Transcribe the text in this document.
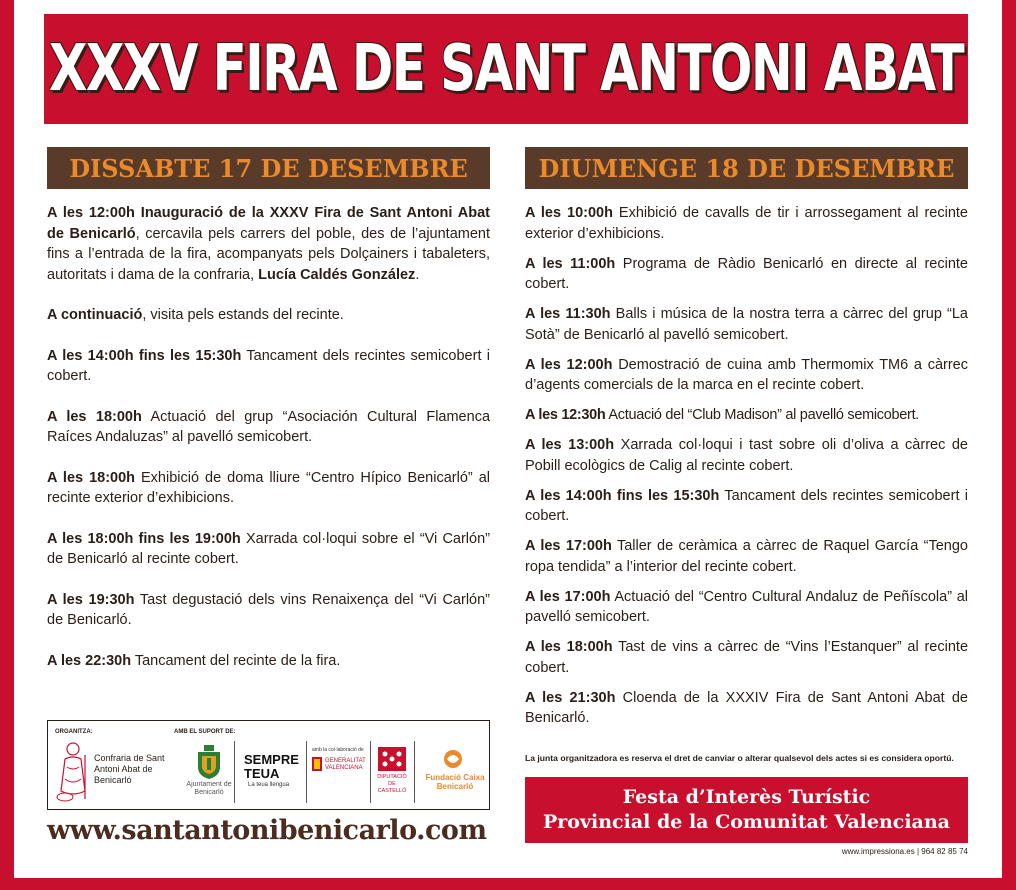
XXXV FIRA DE SANT ANTONI ABAT
DISSABTE 17 DE DESEMBRE	DIUMENGE 18 DE DESEMBRE

A les 12:00h Inauguració de la XXXV Fira de Sant Antoni Abat de Benicarló, cercavila pels carrers del poble, des de l’ajuntament fins a l’entrada de la fira, acompanyats pels Dolçainers i tabaleters, autoritats i dama de la confraria, Lucía Caldés González.

A continuació, visita pels estands del recinte.

A les 14:00h fins les 15:30h Tancament dels recintes semicobert i cobert.

A les 18:00h Actuació del grup “Asociación Cultural Flamenca Raíces Andaluzas” al pavelló semicobert.

A les 18:00h Exhibició de doma lliure “Centro Hípico Benicarló” al recinte exterior d’exhibicions.

A les 18:00h fins les 19:00h Xarrada col·loqui sobre el “Vi Carlón” de Benicarló al recinte cobert.

A les 19:30h Tast degustació dels vins Renaixença del “Vi Carlón” de Benicarló.

A les 22:30h Tancament del recinte de la fira.

A les 10:00h Exhibició de cavalls de tir i arrossegament al recinte exterior d’exhibicions.

A les 11:00h Programa de Ràdio Benicarló en directe al recinte cobert.

A les 11:30h Balls i música de la nostra terra a càrrec del grup “La Sotà” de Benicarló al pavelló semicobert.

A les 12:00h Demostració de cuina amb Thermomix TM6 a càrrec d’agents comercials de la marca en el recinte cobert.

A les 12:30h Actuació del “Club Madison” al pavelló semicobert.

A les 13:00h Xarrada col·loqui i tast sobre oli d’oliva a càrrec de Pobill ecològics de Calig al recinte cobert.

A les 14:00h fins les 15:30h Tancament dels recintes semicobert i cobert.

A les 17:00h Taller de ceràmica a càrrec de Raquel García “Tengo ropa tendida” a l’interior del recinte cobert.

A les 17:00h Actuació del “Centro Cultural Andaluz de Peñíscola” al pavelló semicobert.

A les 18:00h Tast de vins a càrrec de “Vins l’Estanquer” al recinte cobert.

A les 21:30h Cloenda de la XXXIV Fira de Sant Antoni Abat de Benicarló.

ORGANITZA:	AMB EL SUPORT DE:
Confraria de Sant Antoni Abat de Benicarló	Ajuntament de Benicarló
SEMPRE
TEUA
La teua llengua
amb la col·laboració de
GENERALITAT VALENCIANA
DIPUTACIÓ DE CASTELLÓ
Fundació Caixa Benicarló
www.santantonibenicarlo.com
La junta organitzadora es reserva el dret de canviar o alterar qualsevol dels actes si es considera oportú.
Festa d’Interès Turístic
Provincial de la Comunitat Valenciana
www.impressiona.es | 964 82 85 74
